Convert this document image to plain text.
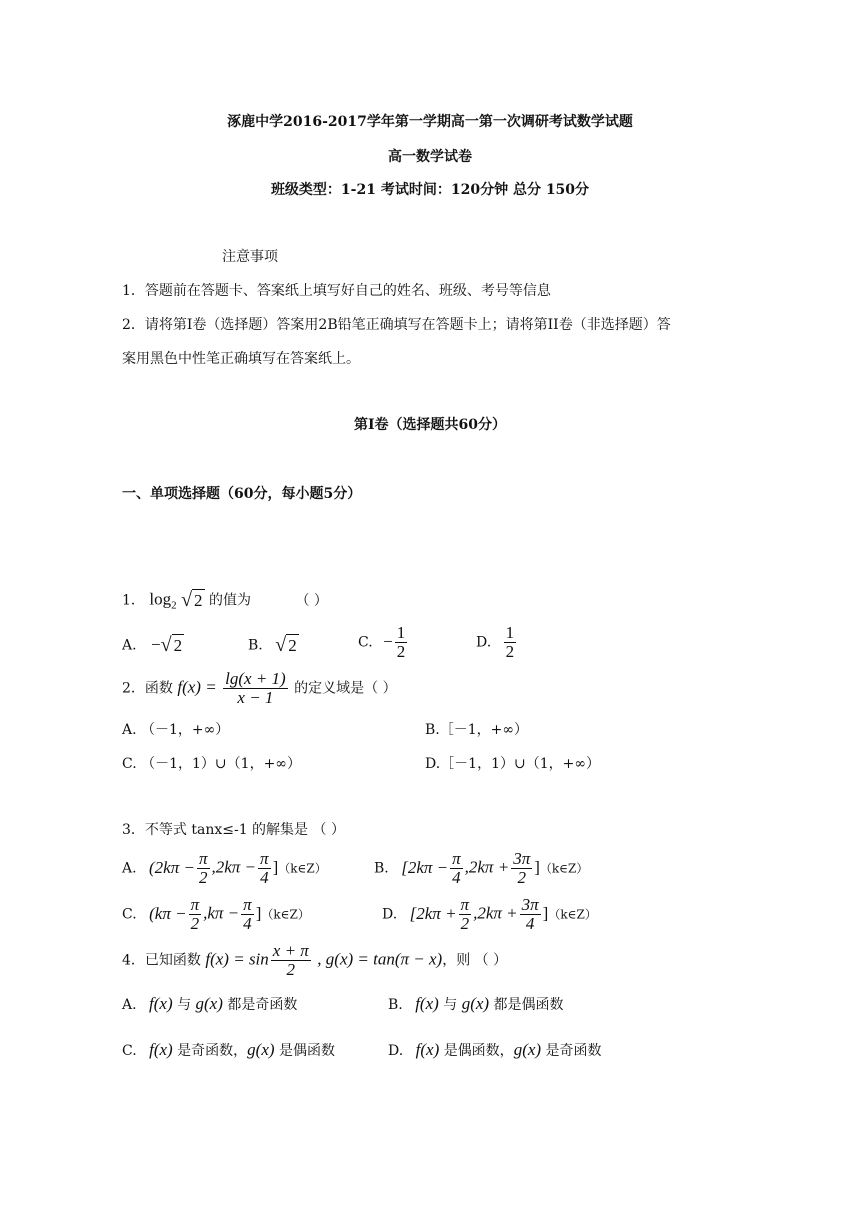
涿鹿中学2016-2017学年第一学期高一第一次调研考试数学试题
高一数学试卷
班级类型：1-21 考试时间：120分钟 总分 150分
注意事项
1．答题前在答题卡、答案纸上填写好自己的姓名、班级、考号等信息
2．请将第I卷（选择题）答案用2B铅笔正确填写在答题卡上；请将第II卷（非选择题）答
案用黑色中性笔正确填写在答案纸上。
第I卷（选择题共60分）
一、单项选择题（60分，每小题5分）
1． $\log_2$ √ 2 的值为	（ ）
A. − √ 2	B. √ 2	C. − $\frac{1}{2}$	D. $\frac{1}{2}$
2．函数 $f(x) = \frac{\lg(x + 1)}{x - 1}$ 的定义域是（ ）
A. （－1，+∞）	B.［－1，+∞）
C. （－1，1）∪（1，+∞）	D.［－1，1）∪（1，+∞）
3．不等式 tanx≤-1 的解集是 （ ）
A. ($2k\pi - \frac{\pi}{2} ,2k\pi - \frac{\pi}{4}$ ]（k∈Z）	B. [$2k\pi - \frac{\pi}{4} ,2k\pi + \frac{3\pi}{2}$ ]（k∈Z）
C. ($k\pi - \frac{\pi}{2} ,k\pi - \frac{\pi}{4}$ ]（k∈Z）	D. [$2k\pi + \frac{\pi}{2} ,2k\pi + \frac{3\pi}{4}$ ]（k∈Z）
4．已知函数 $f(x) = \sin \frac{x + \pi}{2}$ , g(x) = tan(π − x)，则 （ ）
A. f(x) 与 g(x) 都是奇函数	B. f(x) 与 g(x) 都是偶函数
C. f(x) 是奇函数，g(x) 是偶函数	D. f(x) 是偶函数，g(x) 是奇函数
